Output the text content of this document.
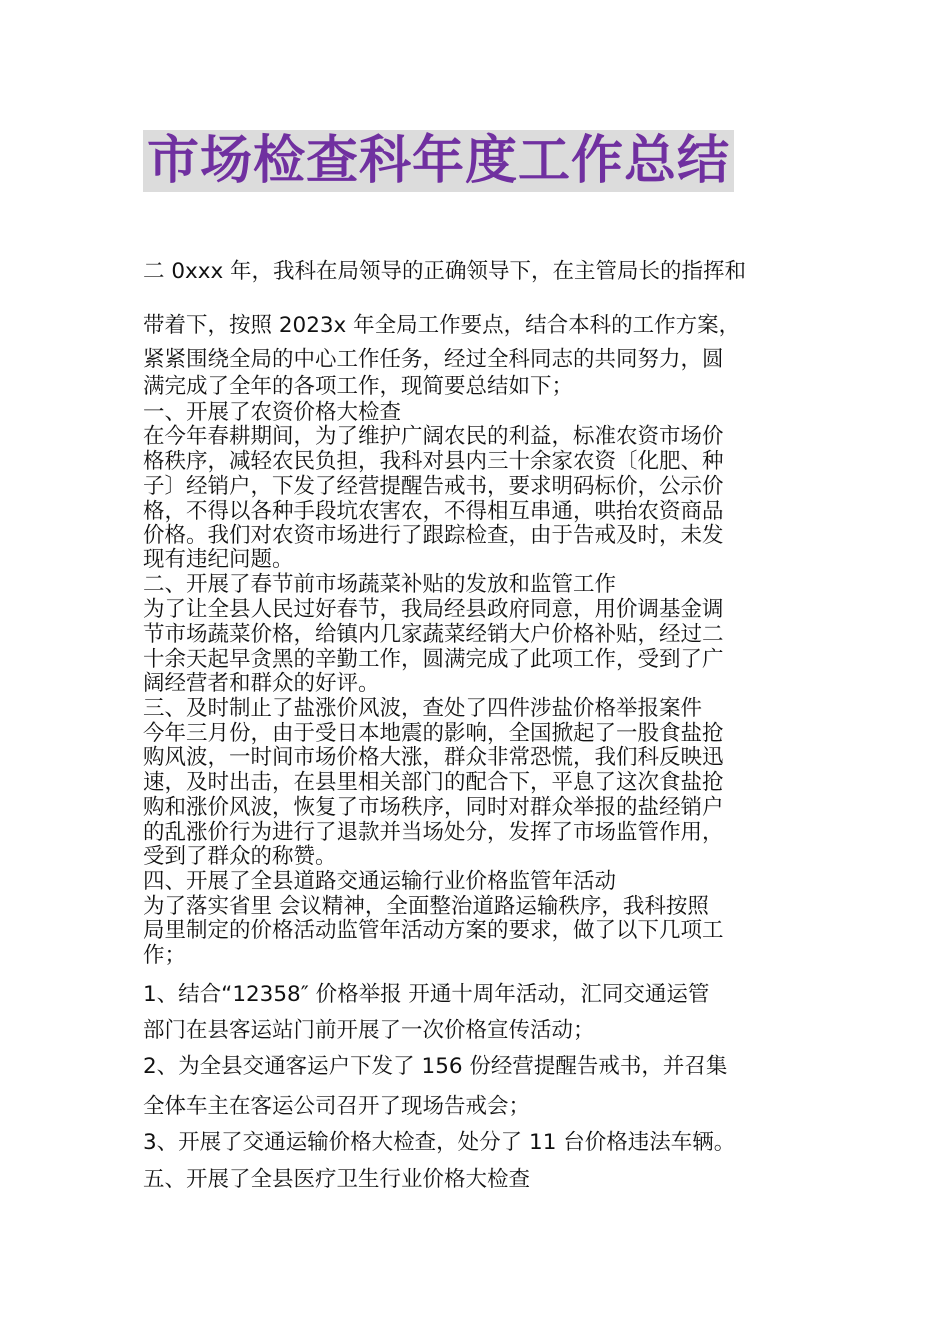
市场检查科年度工作总结
二 0xxx 年，我科在局领导的正确领导下，在主管局长的指挥和
带着下，按照 2023x 年全局工作要点，结合本科的工作方案，
紧紧围绕全局的中心工作任务，经过全科同志的共同努力，圆
满完成了全年的各项工作，现简要总结如下；
一、开展了农资价格大检查
在今年春耕期间，为了维护广阔农民的利益，标准农资市场价
格秩序，减轻农民负担，我科对县内三十余家农资〔化肥、种
子〕经销户，下发了经营提醒告戒书，要求明码标价，公示价
格，不得以各种手段坑农害农，不得相互串通，哄抬农资商品
价格。我们对农资市场进行了跟踪检查，由于告戒及时，未发
现有违纪问题。
二、开展了春节前市场蔬菜补贴的发放和监管工作
为了让全县人民过好春节，我局经县政府同意，用价调基金调
节市场蔬菜价格，给镇内几家蔬菜经销大户价格补贴，经过二
十余天起早贪黑的辛勤工作，圆满完成了此项工作，受到了广
阔经营者和群众的好评。
三、及时制止了盐涨价风波，查处了四件涉盐价格举报案件
今年三月份，由于受日本地震的影响，全国掀起了一股食盐抢
购风波，一时间市场价格大涨，群众非常恐慌，我们科反映迅
速，及时出击，在县里相关部门的配合下，平息了这次食盐抢
购和涨价风波，恢复了市场秩序，同时对群众举报的盐经销户
的乱涨价行为进行了退款并当场处分，发挥了市场监管作用，
受到了群众的称赞。
四、开展了全县道路交通运输行业价格监管年活动
为了落实省里 会议精神，全面整治道路运输秩序，我科按照
局里制定的价格活动监管年活动方案的要求，做了以下几项工
作；
1、结合“12358″ 价格举报 开通十周年活动，汇同交通运管
部门在县客运站门前开展了一次价格宣传活动；
2、为全县交通客运户下发了 156 份经营提醒告戒书，并召集
全体车主在客运公司召开了现场告戒会；
3、开展了交通运输价格大检查，处分了 11 台价格违法车辆。
五、开展了全县医疗卫生行业价格大检查
